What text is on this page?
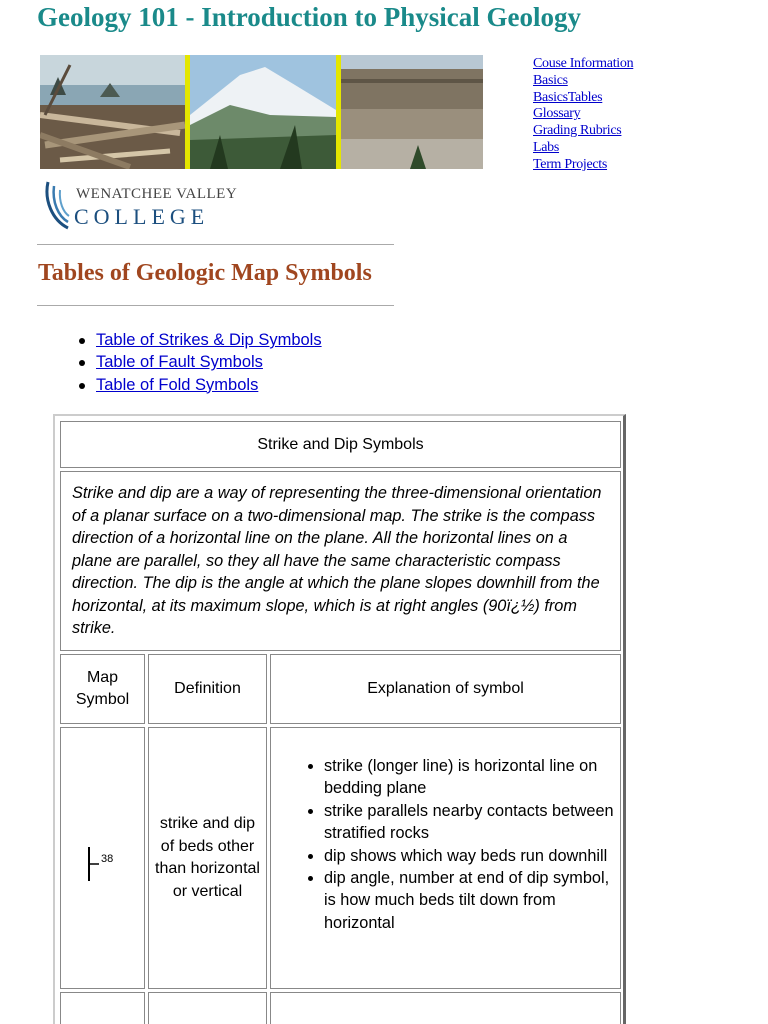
Geology 101 - Introduction to Physical Geology
Couse Information
Basics
BasicsTables
Glossary
Grading Rubrics
Labs
Term Projects
WENATCHEE VALLEY
COLLEGE
Tables of Geologic Map Symbols
Table of Strikes & Dip Symbols
Table of Fault Symbols
Table of Fold Symbols
Strike and Dip Symbols
Strike and dip are a way of representing the three-dimensional orientation of a planar surface on a two-dimensional map. The strike is the compass direction of a horizontal line on the plane. All the horizontal lines on a plane are parallel, so they all have the same characteristic compass direction. The dip is the angle at which the plane slopes downhill from the horizontal, at its maximum slope, which is at right angles (90ï¿½) from strike.
Map Symbol
Definition	Explanation of symbol
38
strike and dip of beds other than horizontal or vertical
• strike (longer line) is horizontal line on bedding plane
• strike parallels nearby contacts between stratified rocks
• dip shows which way beds run downhill
• dip angle, number at end of dip symbol, is how much beds tilt down from horizontal
